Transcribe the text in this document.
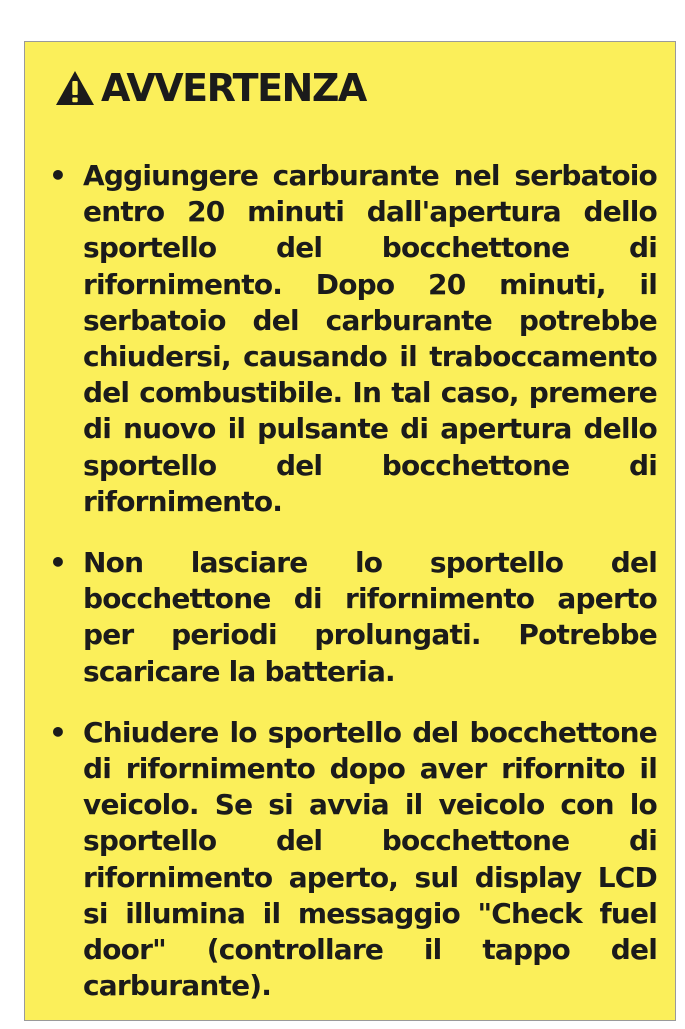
AVVERTENZA
• Aggiungere carburante nel serbatoio entro 20 minuti dall'apertura dello sportello del bocchettone di rifornimento. Dopo 20 minuti, il serbatoio del carburante potrebbe chiudersi, causando il traboccamento del combustibile. In tal caso, premere di nuovo il pulsante di apertura dello sportello del bocchettone di rifornimento.
• Non lasciare lo sportello del bocchettone di rifornimento aperto per periodi prolungati. Potrebbe scaricare la batteria.
• Chiudere lo sportello del bocchettone di rifornimento dopo aver rifornito il veicolo. Se si avvia il veicolo con lo sportello del bocchettone di rifornimento aperto, sul display LCD si illumina il messaggio "Check fuel door" (controllare il tappo del carburante).
